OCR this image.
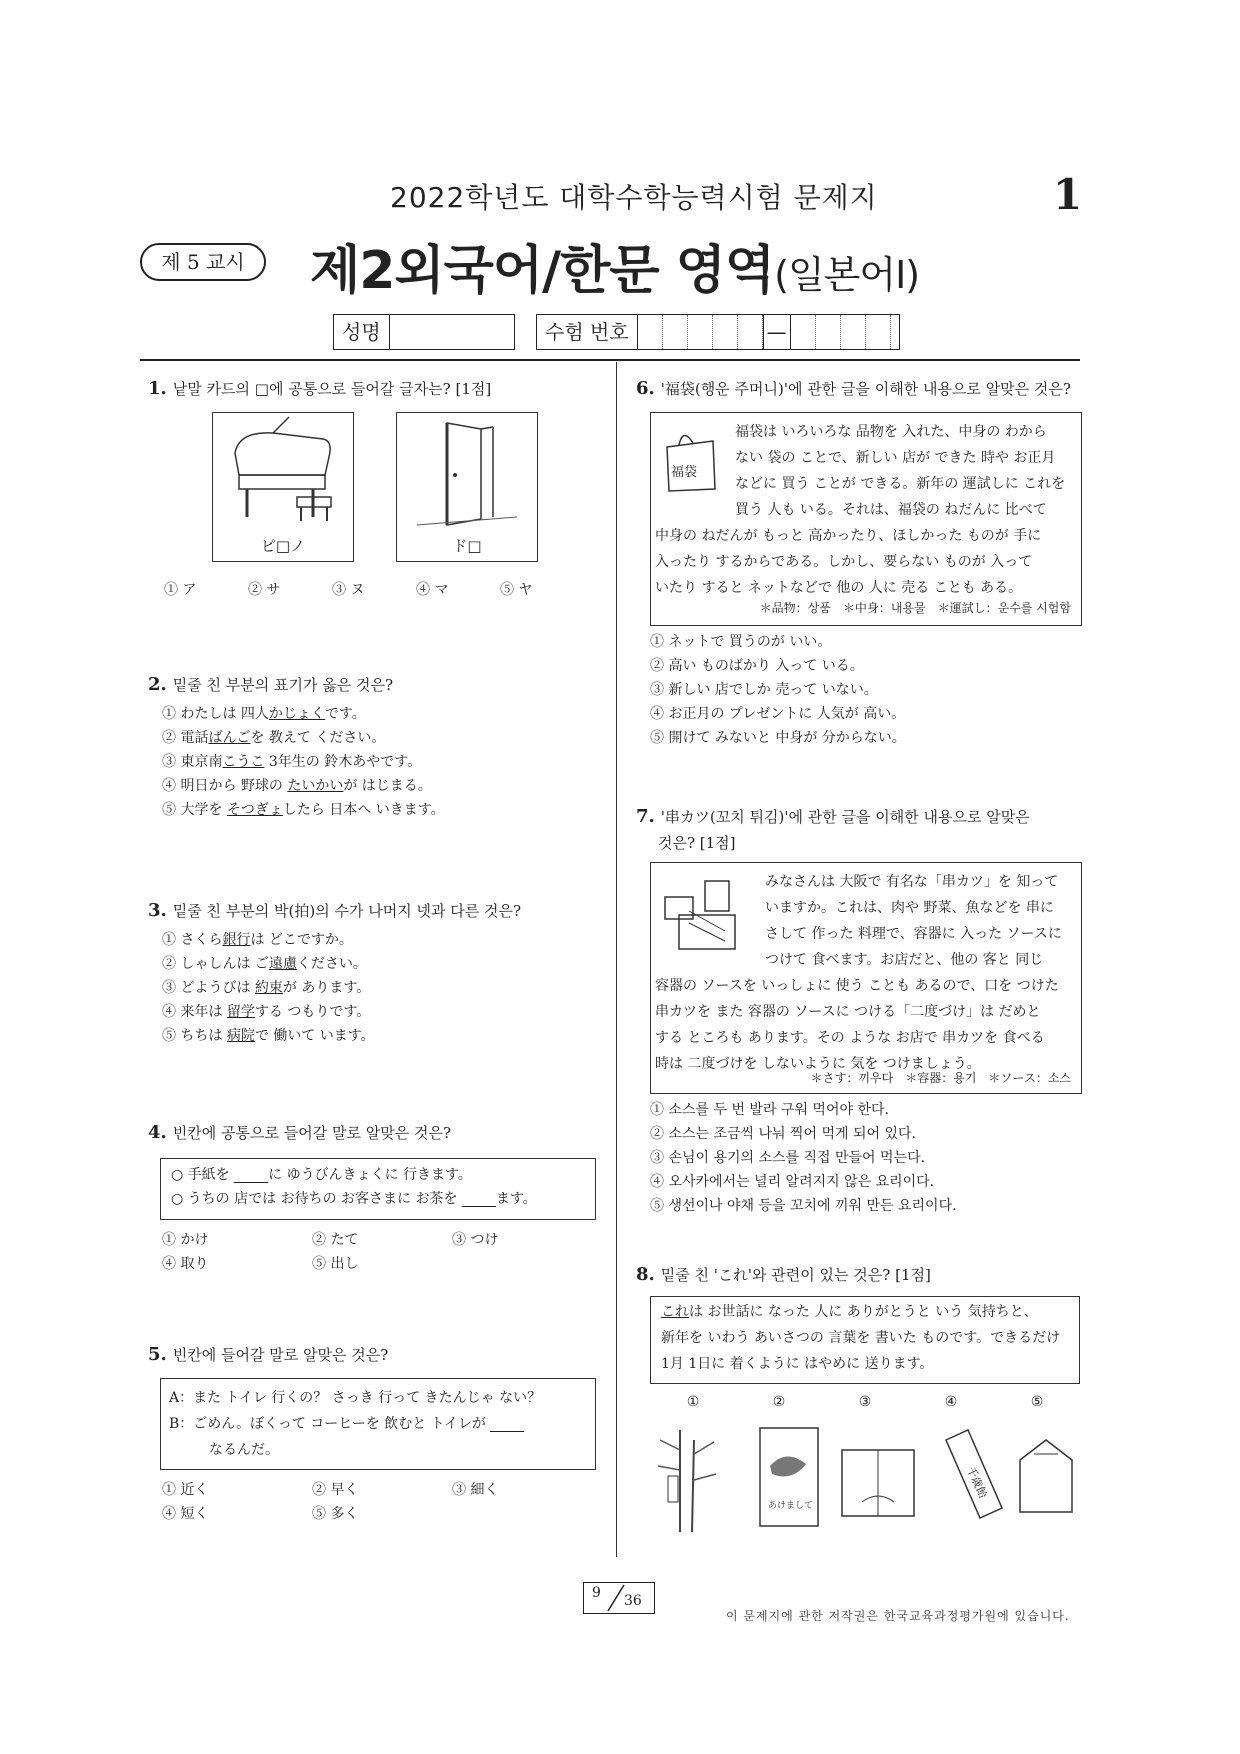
2022학년도 대학수학능력시험 문제지	1
제 5 교시	제2외국어/한문 영역(일본어Ⅰ)
성명	수험 번호	—
1. 낱말 카드의 □에 공통으로 들어갈 글자는? [1점]
ピ□ノ	ド□
① ア	② サ	③ ヌ	④ マ	⑤ ヤ
2. 밑줄 친 부분의 표기가 옳은 것은?
① わたしは 四人かじょくです。
② 電話ばんごを 教えて ください。
③ 東京南こうこ 3年生の 鈴木あやです。
④ 明日から 野球の たいかいが はじまる。
⑤ 大学を そつぎょしたら 日本へ いきます。
3. 밑줄 친 부분의 박(拍)의 수가 나머지 넷과 다른 것은?
① さくら銀行は どこですか。
② しゃしんは ご遠慮ください。
③ どようびは 約束が あります。
④ 来年は 留学する つもりです。
⑤ ちちは 病院で 働いて います。
4. 빈칸에 공통으로 들어갈 말로 알맞은 것은?
○ 手紙を	に ゆうびんきょくに 行きます。
○ うちの 店では お待ちの お客さまに お茶を	ます。
① かけ	② たて	③ つけ
④ 取り	⑤ 出し
5. 빈칸에 들어갈 말로 알맞은 것은?
A：また トイレ 行くの？ さっき 行って きたんじゃ ない？
B：ごめん。ぼくって コーヒーを 飲むと トイレが
なるんだ。
① 近く	② 早く	③ 細く
④ 短く	⑤ 多く
6. '福袋(행운 주머니)'에 관한 글을 이해한 내용으로 알맞은 것은?
福袋
福袋は いろいろな 品物を 入れた、中身の わから
ない 袋の ことで、新しい 店が できた 時や お正月
などに 買う ことが できる。新年の 運試しに これを
買う 人も いる。それは、福袋の ねだんに 比べて
中身の ねだんが もっと 高かったり、ほしかった ものが 手に
入ったり するからである。しかし、要らない ものが 入って
いたり すると ネットなどで 他の 人に 売る ことも ある。
＊品物：상품　＊中身：내용물　＊運試し：운수를 시험함
① ネットで 買うのが いい。
② 高い ものばかり 入って いる。
③ 新しい 店でしか 売って いない。
④ お正月の プレゼントに 人気が 高い。
⑤ 開けて みないと 中身が 分からない。
7. '串カツ(꼬치 튀김)'에 관한 글을 이해한 내용으로 알맞은
것은? [1점]
みなさんは 大阪で 有名な「串カツ」を 知って
いますか。これは、肉や 野菜、魚などを 串に
さして 作った 料理で、容器に 入った ソースに
つけて 食べます。お店だと、他の 客と 同じ
容器の ソースを いっしょに 使う ことも あるので、口を つけた
串カツを また 容器の ソースに つける「二度づけ」は だめと
する ところも あります。その ような お店で 串カツを 食べる
時は 二度づけを しないように 気を つけましょう。
＊さす：끼우다　＊容器：용기　＊ソース：소스
① 소스를 두 번 발라 구워 먹어야 한다.
② 소스는 조금씩 나눠 찍어 먹게 되어 있다.
③ 손님이 용기의 소스를 직접 만들어 먹는다.
④ 오사카에서는 널리 알려지지 않은 요리이다.
⑤ 생선이나 야채 등을 꼬치에 끼워 만든 요리이다.
8. 밑줄 친 'これ'와 관련이 있는 것은? [1점]
これは お世話に なった 人に ありがとうと いう 気持ちと、
新年を いわう あいさつの 言葉を 書いた ものです。できるだけ
1月 1日に 着くように はやめに 送ります。
①	②	③	④	⑤
あけまして
千歳飴
9 36
이 문제지에 관한 저작권은 한국교육과정평가원에 있습니다.
